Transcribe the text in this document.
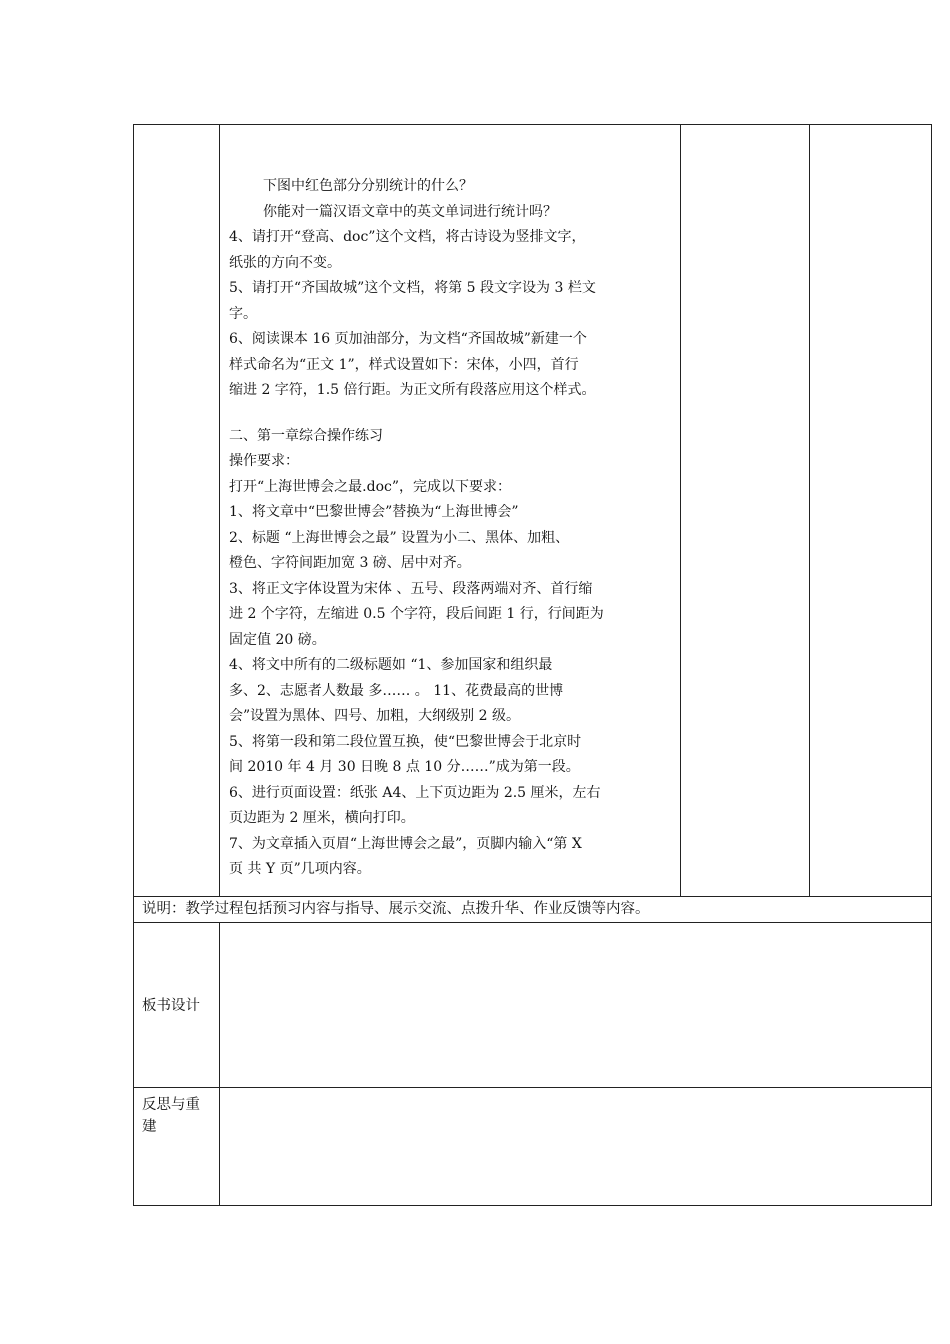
下图中红色部分分别统计的什么？
你能对一篇汉语文章中的英文单词进行统计吗？
4、请打开“登高、doc”这个文档，将古诗设为竖排文字，
纸张的方向不变。
5、请打开“齐国故城”这个文档，将第 5 段文字设为 3 栏文
字。
6、阅读课本 16 页加油部分，为文档“齐国故城”新建一个
样式命名为“正文 1”，样式设置如下：宋体，小四，首行
缩进 2 字符，1.5 倍行距。为正文所有段落应用这个样式。
二、第一章综合操作练习
操作要求：
打开“上海世博会之最.doc”，完成以下要求：
1、将文章中“巴黎世博会”替换为“上海世博会”
2、标题 “上海世博会之最” 设置为小二、黑体、加粗、
橙色、字符间距加宽 3 磅、居中对齐。
3、将正文字体设置为宋体 、五号、段落两端对齐、首行缩
进 2 个字符，左缩进 0.5 个字符，段后间距 1 行，行间距为
固定值 20 磅。
4、将文中所有的二级标题如 “1、参加国家和组织最
多、2、志愿者人数最 多…… 。 11、花费最高的世博
会”设置为黑体、四号、加粗，大纲级别 2 级。
5、将第一段和第二段位置互换，使“巴黎世博会于北京时
间 2010 年 4 月 30 日晚 8 点 10 分……”成为第一段。
6、进行页面设置：纸张 A4、上下页边距为 2.5 厘米，左右
页边距为 2 厘米，横向打印。
7、为文章插入页眉“上海世博会之最”，页脚内输入“第 X
页 共 Y 页”几项内容。
说明：教学过程包括预习内容与指导、展示交流、点拨升华、作业反馈等内容。
板书设计
反思与重建
